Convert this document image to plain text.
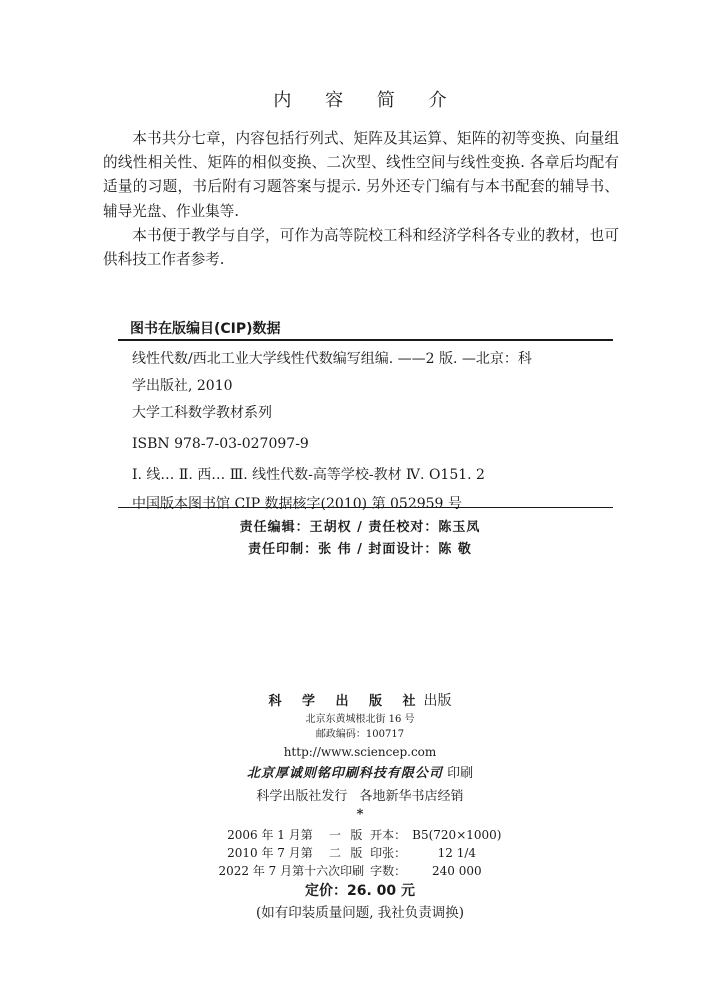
内 容 简 介

本书共分七章，内容包括行列式、矩阵及其运算、矩阵的初等变换、向量组的线性相关性、矩阵的相似变换、二次型、线性空间与线性变换. 各章后均配有适量的习题，书后附有习题答案与提示. 另外还专门编有与本书配套的辅导书、辅导光盘、作业集等.

本书便于教学与自学，可作为高等院校工科和经济学科各专业的教材，也可供科技工作者参考.

图书在版编目(CIP)数据
线性代数/西北工业大学线性代数编写组编. ——2 版. —北京：科
学出版社, 2010
大学工科数学教材系列
ISBN 978-7-03-027097-9
Ⅰ. 线… Ⅱ. 西… Ⅲ. 线性代数-高等学校-教材 Ⅳ. O151. 2
中国版本图书馆 CIP 数据核字(2010) 第 052959 号
责任编辑：王胡权 / 责任校对：陈玉凤
责任印制：张 伟 / 封面设计：陈 敬
科 学 出 版 社出版
北京东黄城根北街 16 号
邮政编码：100717
http://www.sciencep.com
北京厚诚则铭印刷科技有限公司 印刷
科学出版社发行 各地新华书店经销
*
2006 年 1 月第	一	版	开本：	B5(720×1000)
2010 年 7 月第	二	版	印张：	12 1/4
2022 年 7 月第十六次印刷			字数：	240 000
定价：26. 00 元
(如有印装质量问题, 我社负责调换)
